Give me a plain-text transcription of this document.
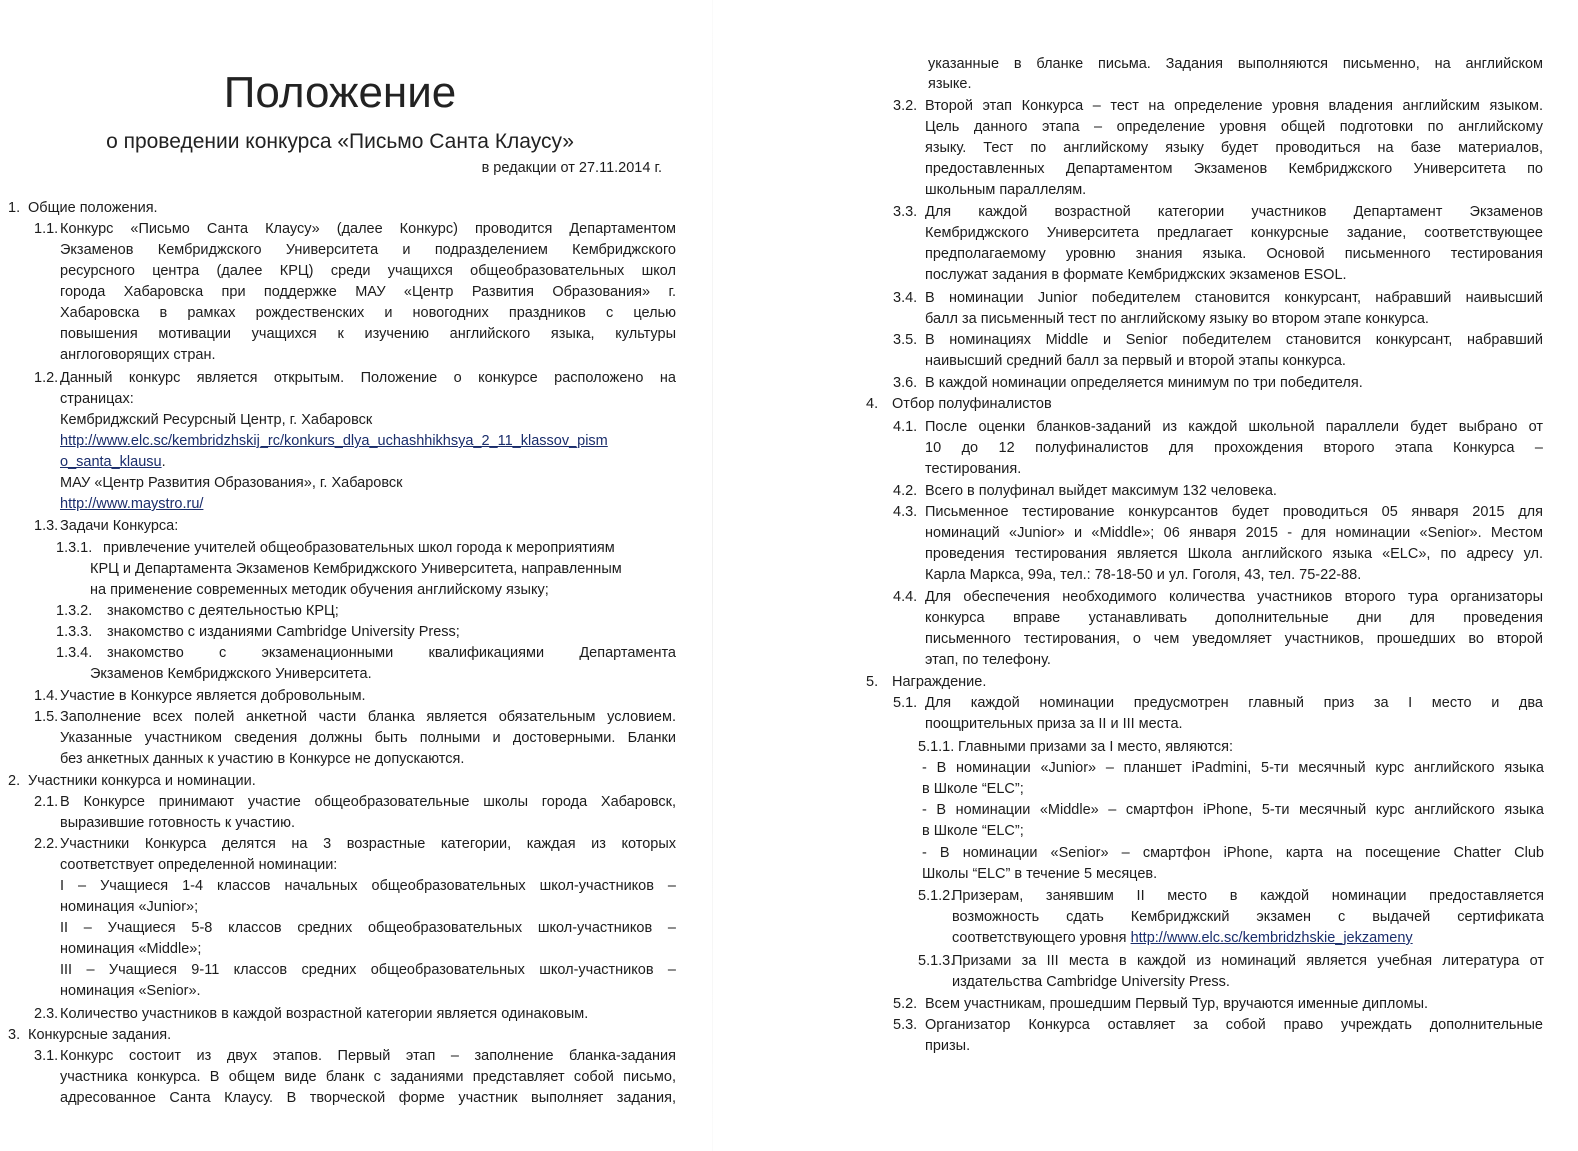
Положение
о проведении конкурса «Письмо Санта Клаусу»
в редакции от 27.11.2014 г.
1. Общие положения.
1.1. Конкурс «Письмо Санта Клаусу» (далее Конкурс) проводится Департаментом
Экзаменов Кембриджского Университета и подразделением Кембриджского
ресурсного центра (далее КРЦ) среди учащихся общеобразовательных школ
города Хабаровска при поддержке МАУ «Центр Развития Образования» г.
Хабаровска в рамках рождественских и новогодних праздников с целью
повышения мотивации учащихся к изучению английского языка, культуры
англоговорящих стран.
1.2. Данный конкурс является открытым. Положение о конкурсе расположено на
страницах:
Кембриджский Ресурсный Центр, г. Хабаровск
http://www.elc.sc/kembridzhskij_rc/konkurs_dlya_uchashhikhsya_2_11_klassov_pism
o_santa_klausu.
МАУ «Центр Развития Образования», г. Хабаровск
http://www.maystro.ru/
1.3. Задачи Конкурса:
1.3.1. привлечение учителей общеобразовательных школ города к мероприятиям
КРЦ и Департамента Экзаменов Кембриджского Университета, направленным
на применение современных методик обучения английскому языку;
1.3.2. знакомство с деятельностью КРЦ;
1.3.3. знакомство с изданиями Cambridge University Press;
1.3.4. знакомство с экзаменационными квалификациями Департамента
Экзаменов Кембриджского Университета.
1.4. Участие в Конкурсе является добровольным.
1.5. Заполнение всех полей анкетной части бланка является обязательным условием.
Указанные участником сведения должны быть полными и достоверными. Бланки
без анкетных данных к участию в Конкурсе не допускаются.
2. Участники конкурса и номинации.
2.1. В Конкурсе принимают участие общеобразовательные школы города Хабаровск,
выразившие готовность к участию.
2.2. Участники Конкурса делятся на 3 возрастные категории, каждая из которых
соответствует определенной номинации:
I – Учащиеся 1-4 классов начальных общеобразовательных школ-участников –
номинация «Junior»;
II – Учащиеся 5-8 классов средних общеобразовательных школ-участников –
номинация «Middle»;
III – Учащиеся 9-11 классов средних общеобразовательных школ-участников –
номинация «Senior».
2.3. Количество участников в каждой возрастной категории является одинаковым.
3. Конкурсные задания.
3.1. Конкурс состоит из двух этапов. Первый этап – заполнение бланка-задания
участника конкурса. В общем виде бланк с заданиями представляет собой письмо,
адресованное Санта Клаусу. В творческой форме участник выполняет задания,
указанные в бланке письма. Задания выполняются письменно, на английском
языке.
3.2. Второй этап Конкурса – тест на определение уровня владения английским языком.
Цель данного этапа – определение уровня общей подготовки по английскому
языку. Тест по английскому языку будет проводиться на базе материалов,
предоставленных Департаментом Экзаменов Кембриджского Университета по
школьным параллелям.
3.3. Для каждой возрастной категории участников Департамент Экзаменов
Кембриджского Университета предлагает конкурсные задание, соответствующее
предполагаемому уровню знания языка. Основой письменного тестирования
послужат задания в формате Кембриджских экзаменов ESOL.
3.4. В номинации Junior победителем становится конкурсант, набравший наивысший
балл за письменный тест по английскому языку во втором этапе конкурса.
3.5. В номинациях Middle и Senior победителем становится конкурсант, набравший
наивысший средний балл за первый и второй этапы конкурса.
3.6. В каждой номинации определяется минимум по три победителя.
4. Отбор полуфиналистов
4.1. После оценки бланков-заданий из каждой школьной параллели будет выбрано от
10 до 12 полуфиналистов для прохождения второго этапа Конкурса –
тестирования.
4.2. Всего в полуфинал выйдет максимум 132 человека.
4.3. Письменное тестирование конкурсантов будет проводиться 05 января 2015 для
номинаций «Junior» и «Middle»; 06 января 2015 - для номинации «Senior». Местом
проведения тестирования является Школа английского языка «ELC», по адресу ул.
Карла Маркса, 99а, тел.: 78-18-50 и ул. Гоголя, 43, тел. 75-22-88.
4.4. Для обеспечения необходимого количества участников второго тура организаторы
конкурса вправе устанавливать дополнительные дни для проведения
письменного тестирования, о чем уведомляет участников, прошедших во второй
этап, по телефону.
5. Награждение.
5.1. Для каждой номинации предусмотрен главный приз за I место и два
поощрительных приза за II и III места.
5.1.1. Главными призами за I место, являются:
- В номинации «Junior» – планшет iPadmini, 5-ти месячный курс английского языка
в Школе “ELC”;
- В номинации «Middle» – смартфон iPhone, 5-ти месячный курс английского языка
в Школе “ELC”;
- В номинации «Senior» – смартфон iPhone, карта на посещение Chatter Club
Школы “ELC” в течение 5 месяцев.
5.1.2.
Призерам, занявшим II место в каждой номинации предоставляется
возможность сдать Кембриджский экзамен с выдачей сертификата
соответствующего уровня http://www.elc.sc/kembridzhskie_jekzameny
5.1.3.
Призами за III места в каждой из номинаций является учебная литература от
издательства Cambridge University Press.
5.2. Всем участникам, прошедшим Первый Тур, вручаются именные дипломы.
5.3. Организатор Конкурса оставляет за собой право учреждать дополнительные
призы.
